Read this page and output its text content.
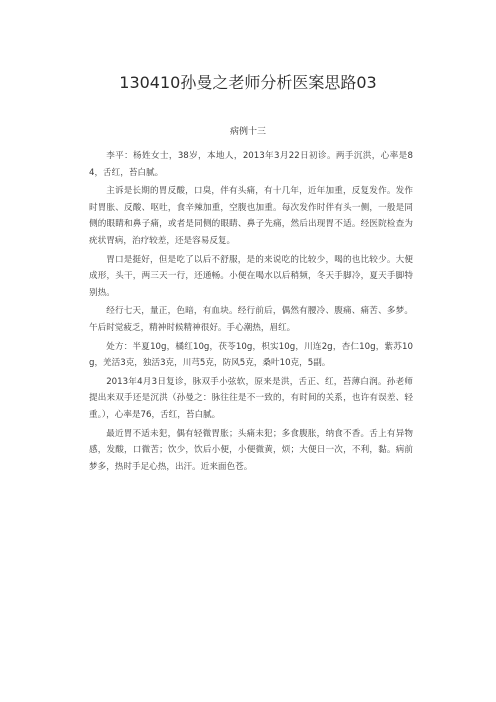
130410孙曼之老师分析医案思路03
病例十三

李平：杨姓女士，38岁，本地人，2013年3月22日初诊。两手沉洪，心率是84，舌红，苔白腻。

主诉是长期的胃反酸，口臭，伴有头痛，有十几年，近年加重，反复发作。发作时胃胀、反酸、呕吐，食辛辣加重，空腹也加重。每次发作时伴有头一侧，一般是同侧的眼睛和鼻子痛，或者是同侧的眼睛、鼻子先痛，然后出现胃不适。经医院检查为疣状胃病，治疗较差，还是容易反复。

胃口是挺好，但是吃了以后不舒服，是的来说吃的比较少，喝的也比较少。大便成形，头干，两三天一行，还通畅。小便在喝水以后稍频，冬天手脚冷，夏天手脚特别热。

经行七天，量正，色暗，有血块。经行前后，偶然有腰冷、腹痛、痛苦、多梦。午后时觉疲乏，精神时候精神很好。手心潮热，眉红。

处方：半夏10g，橘红10g，茯苓10g，枳实10g，川连2g，杏仁10g，紫苏10g，羌活3克，独活3克，川芎5克，防风5克，桑叶10克，5副。

2013年4月3日复诊，脉双手小弦软，原来是洪，舌正、红，苔薄白润。孙老师提出来双手还是沉洪（孙曼之：脉往往是不一致的，有时间的关系，也许有误差、轻重。），心率是76，舌红，苔白腻。

最近胃不适未犯，偶有轻微胃胀；头痛未犯；多食腹胀，纳食不香。舌上有异物感，发酸，口微苦；饮少，饮后小便，小便微黄，烦；大便日一次，不利，黏。病前梦多，热时手足心热，出汗。近来面色苍。
